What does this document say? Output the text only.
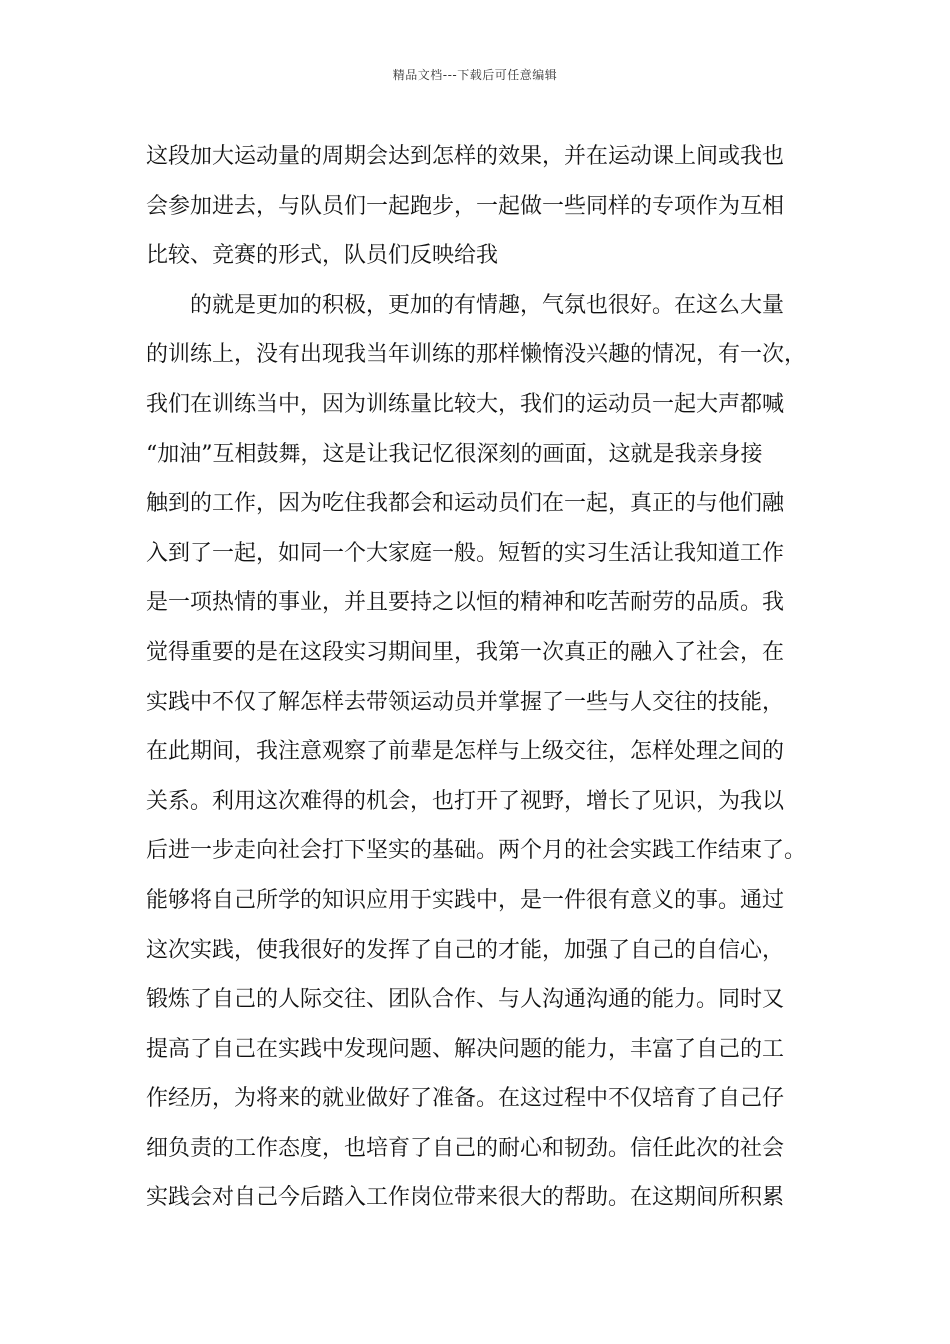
精品文档---下载后可任意编辑
这段加大运动量的周期会达到怎样的效果，并在运动课上间或我也
会参加进去，与队员们一起跑步，一起做一些同样的专项作为互相
比较、竞赛的形式，队员们反映给我
的就是更加的积极，更加的有情趣，气氛也很好。在这么大量
的训练上，没有出现我当年训练的那样懒惰没兴趣的情况，有一次，
我们在训练当中，因为训练量比较大，我们的运动员一起大声都喊
“加油”互相鼓舞，这是让我记忆很深刻的画面，这就是我亲身接
触到的工作，因为吃住我都会和运动员们在一起，真正的与他们融
入到了一起，如同一个大家庭一般。短暂的实习生活让我知道工作
是一项热情的事业，并且要持之以恒的精神和吃苦耐劳的品质。我
觉得重要的是在这段实习期间里，我第一次真正的融入了社会，在
实践中不仅了解怎样去带领运动员并掌握了一些与人交往的技能，
在此期间，我注意观察了前辈是怎样与上级交往，怎样处理之间的
关系。利用这次难得的机会，也打开了视野，增长了见识，为我以
后进一步走向社会打下坚实的基础。两个月的社会实践工作结束了。
能够将自己所学的知识应用于实践中，是一件很有意义的事。通过
这次实践，使我很好的发挥了自己的才能，加强了自己的自信心，
锻炼了自己的人际交往、团队合作、与人沟通沟通的能力。同时又
提高了自己在实践中发现问题、解决问题的能力，丰富了自己的工
作经历，为将来的就业做好了准备。在这过程中不仅培育了自己仔
细负责的工作态度，也培育了自己的耐心和韧劲。信任此次的社会
实践会对自己今后踏入工作岗位带来很大的帮助。在这期间所积累
